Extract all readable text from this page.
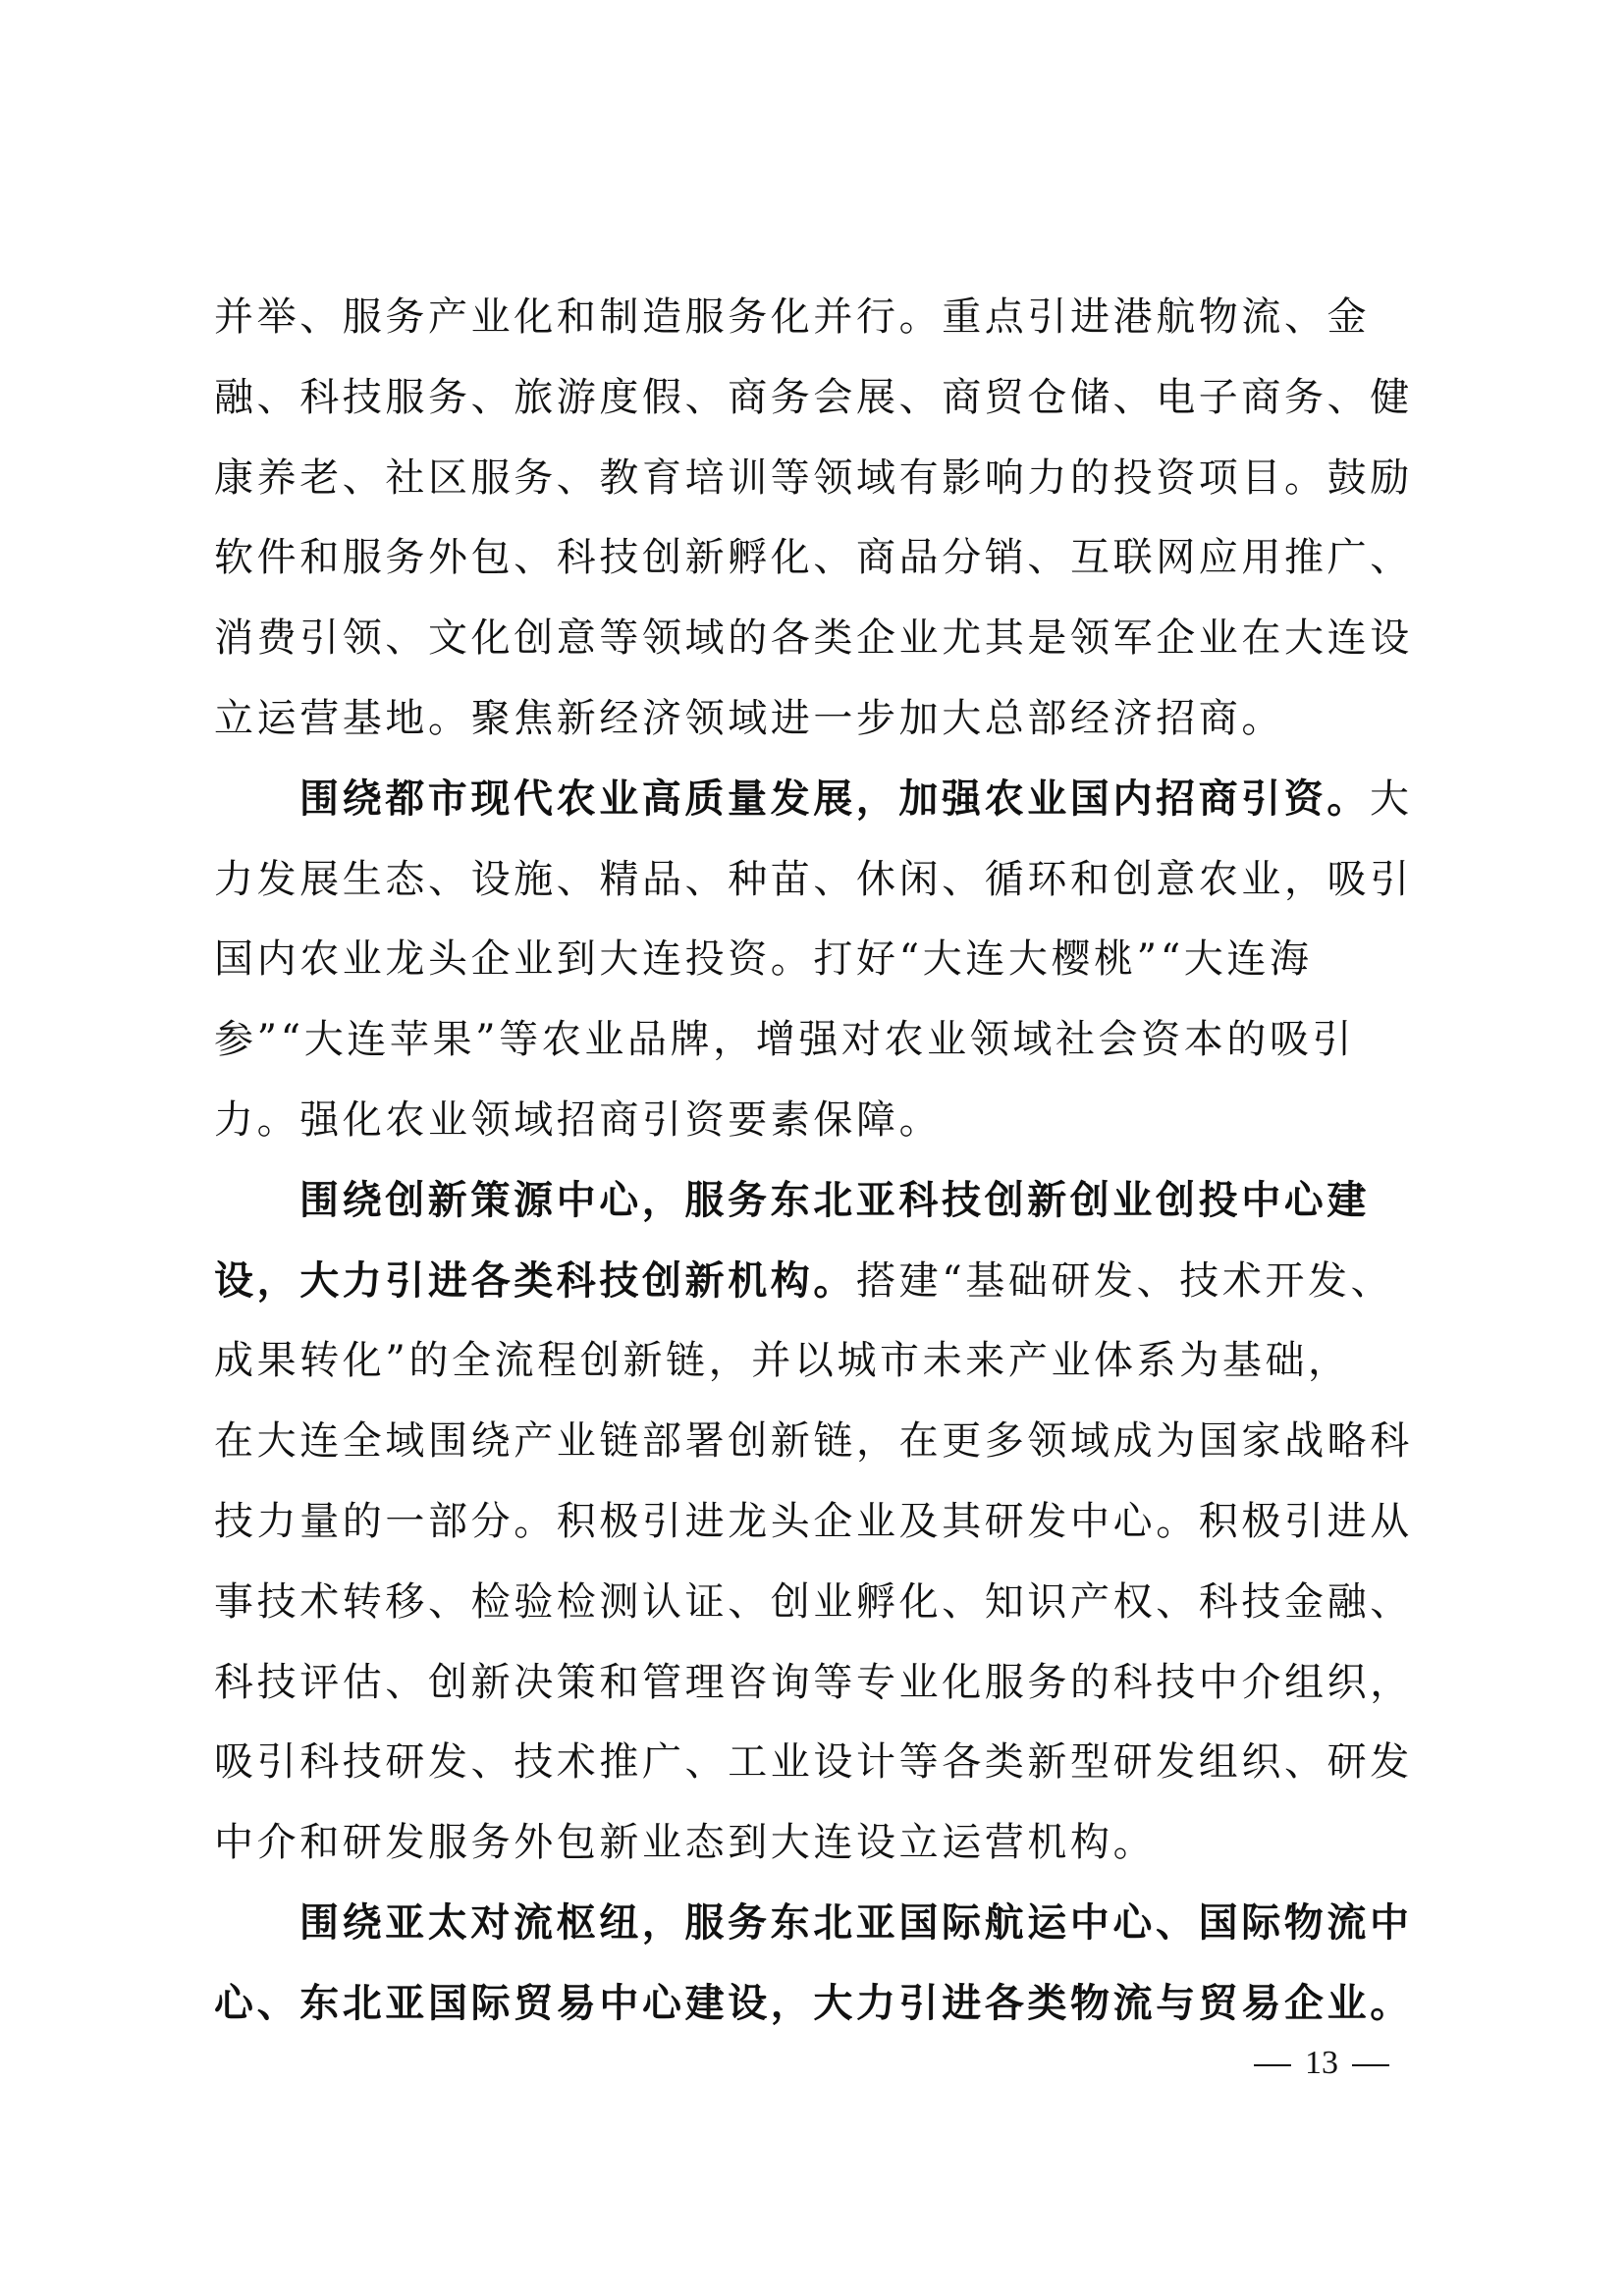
并举、服务产业化和制造服务化并行。重点引进港航物流、金
融、科技服务、旅游度假、商务会展、商贸仓储、电子商务、健
康养老、社区服务、教育培训等领域有影响力的投资项目。鼓励
软件和服务外包、科技创新孵化、商品分销、互联网应用推广、
消费引领、文化创意等领域的各类企业尤其是领军企业在大连设
立运营基地。聚焦新经济领域进一步加大总部经济招商。
围绕都市现代农业高质量发展，加强农业国内招商引资。大
力发展生态、设施、精品、种苗、休闲、循环和创意农业，吸引
国内农业龙头企业到大连投资。打好“大连大樱桃”“大连海
参”“大连苹果”等农业品牌，增强对农业领域社会资本的吸引
力。强化农业领域招商引资要素保障。
围绕创新策源中心，服务东北亚科技创新创业创投中心建
设，大力引进各类科技创新机构。搭建“基础研发、技术开发、
成果转化”的全流程创新链，并以城市未来产业体系为基础，
在大连全域围绕产业链部署创新链，在更多领域成为国家战略科
技力量的一部分。积极引进龙头企业及其研发中心。积极引进从
事技术转移、检验检测认证、创业孵化、知识产权、科技金融、
科技评估、创新决策和管理咨询等专业化服务的科技中介组织，
吸引科技研发、技术推广、工业设计等各类新型研发组织、研发
中介和研发服务外包新业态到大连设立运营机构。
围绕亚太对流枢纽，服务东北亚国际航运中心、国际物流中
心、东北亚国际贸易中心建设，大力引进各类物流与贸易企业。
13
